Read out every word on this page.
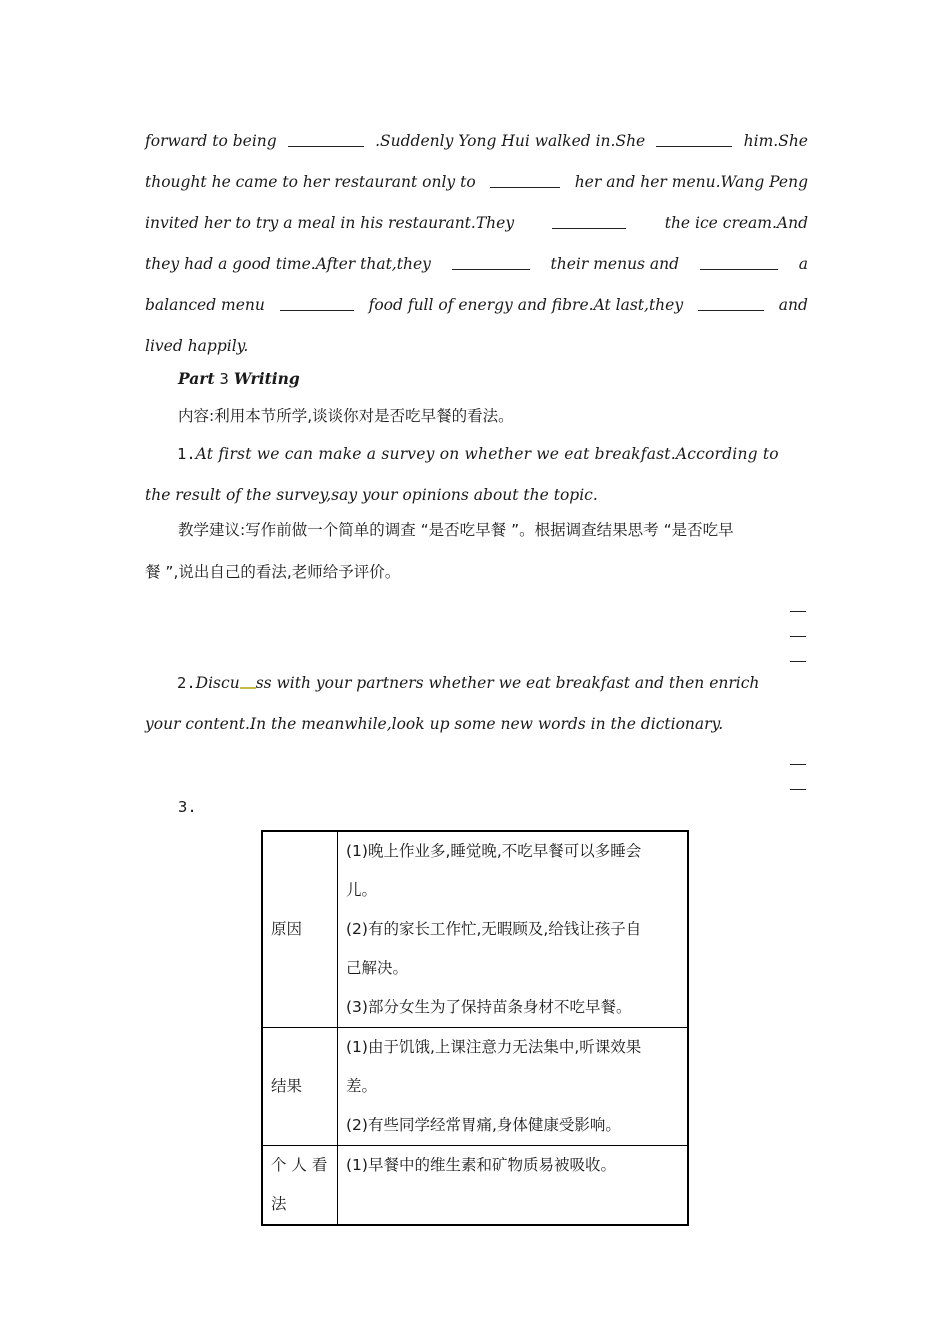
forward to being	.Suddenly Yong Hui walked in.She	him.She
thought he came to her restaurant only to	her and her menu.Wang Peng
invited her to try a meal in his restaurant.They	the ice cream.And
they had a good time.After that,they	their menus and	a
balanced menu	food full of energy and fibre.At last,they	and
lived happily.
Part 3 Writing
内容:利用本节所学,谈谈你对是否吃早餐的看法。
1.At first we can make a survey on whether we eat breakfast.According to
the result of the survey,say your opinions about the topic.
教学建议:写作前做一个简单的调查 “是否吃早餐 ”。根据调查结果思考 “是否吃早
餐 ”,说出自己的看法,老师给予评价。
2.Discu ss with your partners whether we eat breakfast and then enrich
your content.In the meanwhile,look up some new words in the dictionary.
3.
原因	(1)晚上作业多,睡觉晚,不吃早餐可以多睡会
儿。
(2)有的家长工作忙,无暇顾及,给钱让孩子自
己解决。
(3)部分女生为了保持苗条身材不吃早餐。

结果	(1)由于饥饿,上课注意力无法集中,听课效果
差。
(2)有些同学经常胃痛,身体健康受影响。

个 人 看
法	(1)早餐中的维生素和矿物质易被吸收。
